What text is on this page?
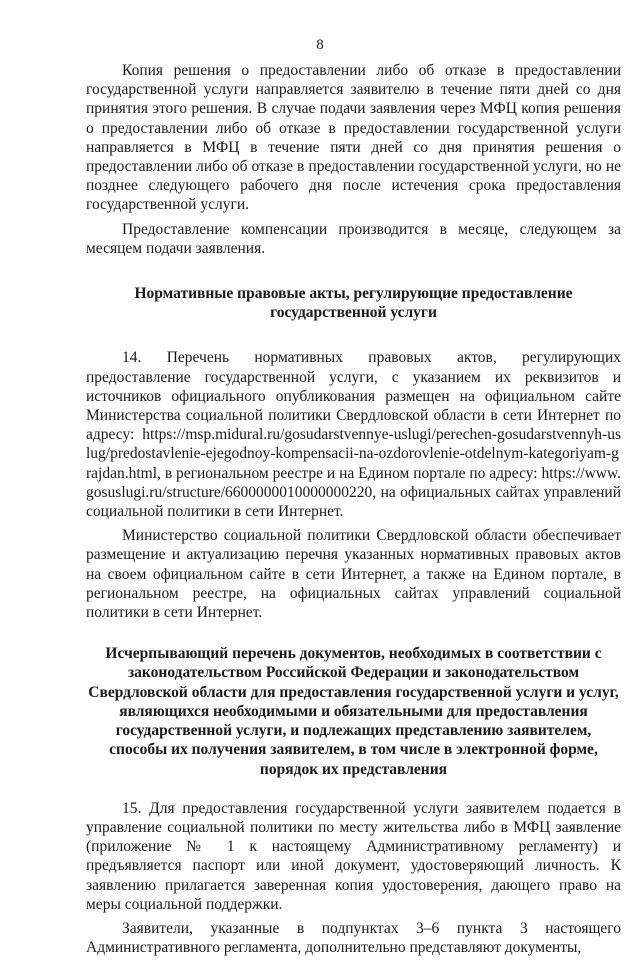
8

Копия решения о предоставлении либо об отказе в предоставлении государственной услуги направляется заявителю в течение пяти дней со дня принятия этого решения. В случае подачи заявления через МФЦ копия решения о предоставлении либо об отказе в предоставлении государственной услуги направляется в МФЦ в течение пяти дней со дня принятия решения о предоставлении либо об отказе в предоставлении государственной услуги, но не позднее следующего рабочего дня после истечения срока предоставления государственной услуги.

Предоставление компенсации производится в месяце, следующем за месяцем подачи заявления.

Нормативные правовые акты, регулирующие предоставление государственной услуги

14. Перечень нормативных правовых актов, регулирующих предоставление государственной услуги, с указанием их реквизитов и источников официального опубликования размещен на официальном сайте Министерства социальной политики Свердловской области в сети Интернет по адресу: https://msp.midural.ru/gosudarstvennye-uslugi/perechen-gosudarstvennyh-uslug/predostavlenie-ejegodnoy-kompensacii-na-ozdorovlenie-otdelnym-kategoriyam-grajdan.html, в региональном реестре и на Едином портале по адресу: https://www.gosuslugi.ru/structure/6600000010000000220, на официальных сайтах управлений социальной политики в сети Интернет.

Министерство социальной политики Свердловской области обеспечивает размещение и актуализацию перечня указанных нормативных правовых актов на своем официальном сайте в сети Интернет, а также на Едином портале, в региональном реестре, на официальных сайтах управлений социальной политики в сети Интернет.

Исчерпывающий перечень документов, необходимых в соответствии с законодательством Российской Федерации и законодательством Свердловской области для предоставления государственной услуги и услуг, являющихся необходимыми и обязательными для предоставления государственной услуги, и подлежащих представлению заявителем, способы их получения заявителем, в том числе в электронной форме, порядок их представления

15. Для предоставления государственной услуги заявителем подается в управление социальной политики по месту жительства либо в МФЦ заявление (приложение № 1 к настоящему Административному регламенту) и предъявляется паспорт или иной документ, удостоверяющий личность. К заявлению прилагается заверенная копия удостоверения, дающего право на меры социальной поддержки.

Заявители, указанные в подпунктах 3–6 пункта 3 настоящего Административного регламента, дополнительно представляют документы,
